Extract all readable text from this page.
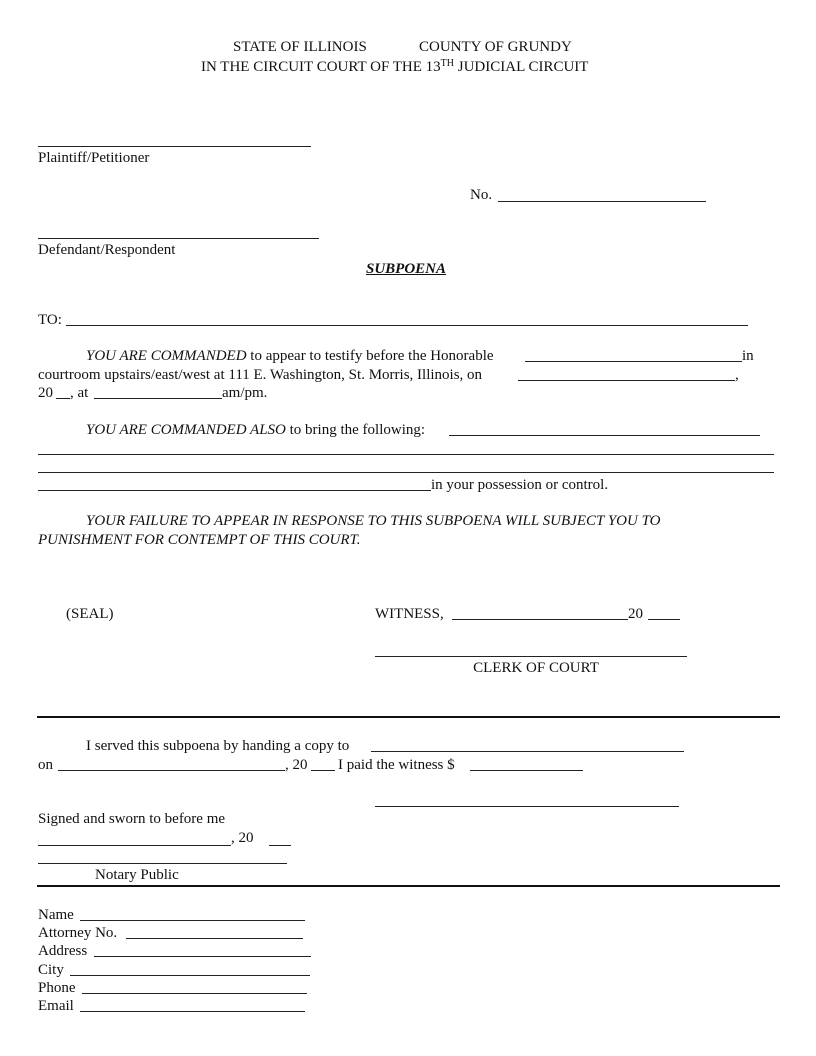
STATE OF ILLINOIS	COUNTY OF GRUNDY
IN THE CIRCUIT COURT OF THE 13TH JUDICIAL CIRCUIT
Plaintiff/Petitioner
No.
Defendant/Respondent
SUBPOENA
TO:
YOU ARE COMMANDED to appear to testify before the Honorable	in
courtroom upstairs/east/west at 111 E. Washington, St. Morris, Illinois, on	,
20 , at	am/pm.
YOU ARE COMMANDED ALSO to bring the following:
in your possession or control.
YOUR FAILURE TO APPEAR IN RESPONSE TO THIS SUBPOENA WILL SUBJECT YOU TO
PUNISHMENT FOR CONTEMPT OF THIS COURT.
(SEAL)	WITNESS,	20
CLERK OF COURT
I served this subpoena by handing a copy to
on	, 20 I paid the witness $
Signed and sworn to before me
, 20
Notary Public
Name
Attorney No.
Address
City
Phone
Email
